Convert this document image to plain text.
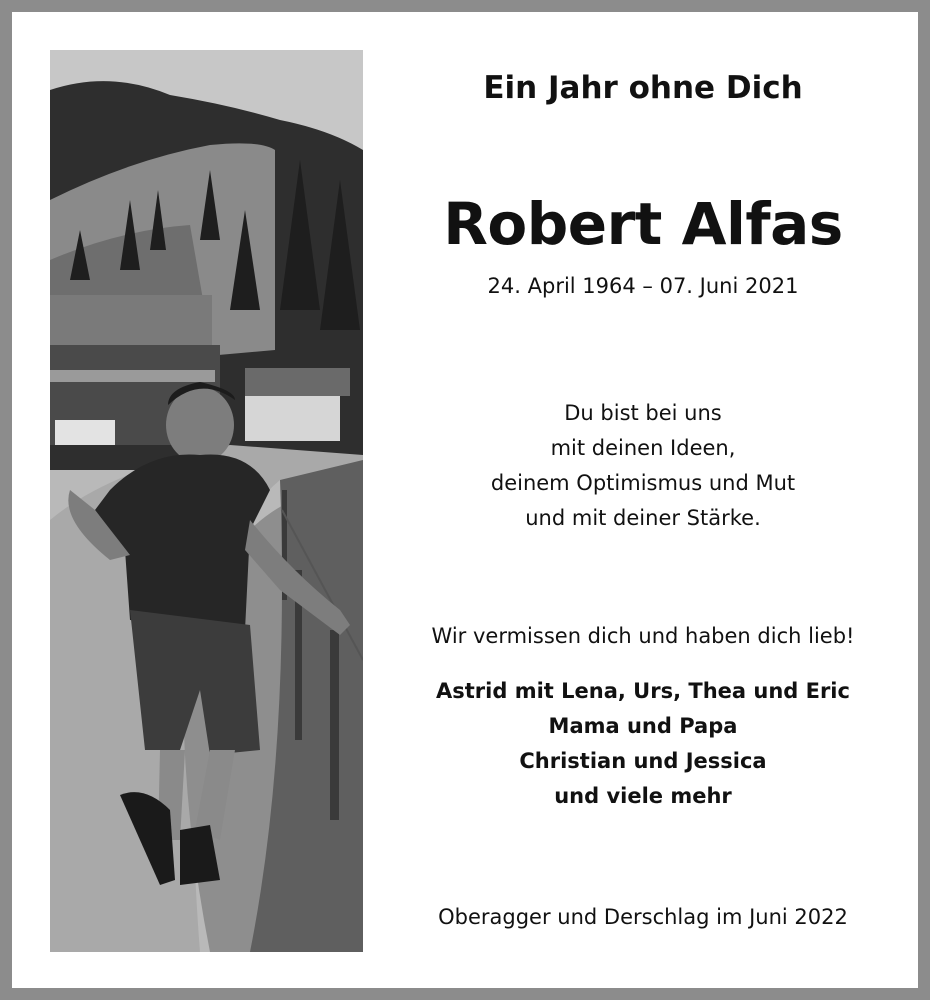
Ein Jahr ohne Dich
Robert Alfas
24. April 1964 – 07. Juni 2021
Du bist bei uns
mit deinen Ideen,
deinem Optimismus und Mut
und mit deiner Stärke.
Wir vermissen dich und haben dich lieb!
Astrid mit Lena, Urs, Thea und Eric
Mama und Papa
Christian und Jessica
und viele mehr
Oberagger und Derschlag im Juni 2022
